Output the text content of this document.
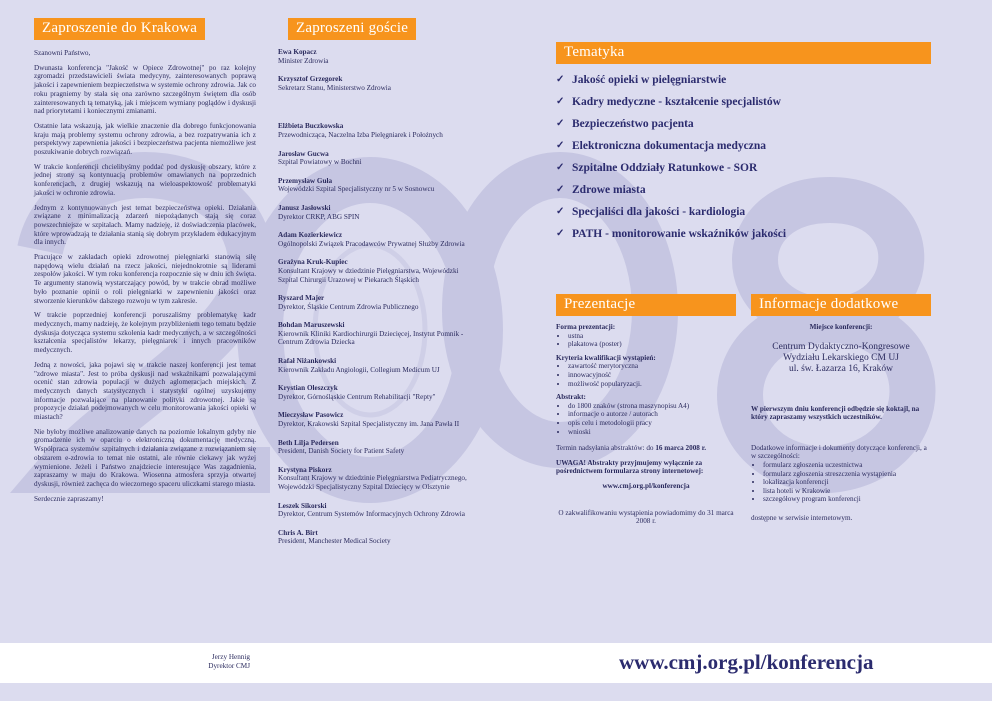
Zaproszenie do Krakowa

Szanowni Państwo,

Dwunasta konferencja "Jakość w Opiece Zdrowotnej" po raz kolejny zgromadzi przedstawicieli świata medycyny, zainteresowanych poprawą jakości i zapewnieniem bezpieczeństwa w systemie ochrony zdrowia. Jak co roku pragniemy by stała się ona zarówno szczególnym świętem dla osób zainteresowanych tą tematyką, jak i miejscem wymiany poglądów i dyskusji nad priorytetami i koniecznymi zmianami.

Ostatnie lata wskazują, jak wielkie znaczenie dla dobrego funkcjonowania kraju mają problemy systemu ochrony zdrowia, a bez rozpatrywania ich z perspektywy zapewnienia jakości i bezpieczeństwa pacjenta niemożliwe jest poszukiwanie dobrych rozwiązań.

W trakcie konferencji chcielibyśmy poddać pod dyskusję obszary, które z jednej strony są kontynuacją problemów omawianych na poprzednich konferencjach, z drugiej wskazują na wieloaspektowość problematyki jakości w ochronie zdrowia.

Jednym z kontynuowanych jest temat bezpieczeństwa opieki. Działania związane z minimalizacją zdarzeń niepożądanych stają się coraz powszechniejsze w szpitalach. Mamy nadzieję, iż doświadczenia placówek, które wprowadzają te działania stanią się dobrym przykładem edukacyjnym dla innych.

Pracujące w zakładach opieki zdrowotnej pielęgniarki stanowią siłę napędową wielu działań na rzecz jakości, niejednokrotnie są liderami zespołów jakości. W tym roku konferencja rozpocznie się w dniu ich święta. Te argumenty stanowią wystarczający powód, by w trakcie obrad możliwe było poznanie opinii o roli pielęgniarki w zapewnieniu jakości oraz stworzenie kierunków dalszego rozwoju w tym zakresie.

W trakcie poprzedniej konferencji poruszaliśmy problematykę kadr medycznych, mamy nadzieję, że kolejnym przybliżeniem tego tematu będzie dyskusja dotycząca systemu szkolenia kadr medycznych, a w szczególności kształcenia specjalistów lekarzy, pielęgniarek i innych pracowników medycznych.

Jedną z nowości, jaka pojawi się w trakcie naszej konferencji jest temat "zdrowe miasta". Jest to próba dyskusji nad wskaźnikami pozwalającymi ocenić stan zdrowia populacji w dużych aglomeracjach miejskich. Z medycznych danych statystycznych i statystyki ogólnej uzyskujemy informacje pozwalające na planowanie polityki zdrowotnej. Jakie są propozycje działań podejmowanych w celu monitorowania jakości opieki w miastach?

Nie byłoby możliwe analizowanie danych na poziomie lokalnym gdyby nie gromadzenie ich w oparciu o elektroniczną dokumentację medyczną. Współpraca systemów szpitalnych i działania związane z rozwiązaniem się obszarem e-zdrowia to temat nie ostatni, ale równie ciekawy jak wyżej wymienione. Jeżeli i Państwo znajdziecie interesujące Was zagadnienia, zapraszamy w maju do Krakowa. Wiosenna atmosfera sprzyja otwartej dyskusji, również zachęca do wieczornego spaceru uliczkami starego miasta.

Serdecznie zapraszamy!

Jerzy Hennig
Dyrektor CMJ
Zaproszeni goście
Ewa Kopacz
Minister Zdrowia
Krzysztof Grzegorek
Sekretarz Stanu, Ministerstwo Zdrowia
Elżbieta Buczkowska
Przewodnicząca, Naczelna Izba Pielęgniarek i Położnych
Jarosław Gucwa
Szpital Powiatowy w Bochni
Przemysław Guła
Wojewódzki Szpital Specjalistyczny nr 5 w Sosnowcu
Janusz Jasłowski
Dyrektor CRKP, ABG SPIN
Adam Kozierkiewicz
Ogólnopolski Związek Pracodawców Prywatnej Służby Zdrowia
Grażyna Kruk-Kupiec
Konsultant Krajowy w dziedzinie Pielęgniarstwa, Wojewódzki Szpital Chirurgii Urazowej w Piekarach Śląskich
Ryszard Majer
Dyrektor, Śląskie Centrum Zdrowia Publicznego
Bohdan Maruszewski
Kierownik Kliniki Kardiochirurgii Dziecięcej, Instytut Pomnik - Centrum Zdrowia Dziecka
Rafał Niżankowski
Kierownik Zakładu Angiologii, Collegium Medicum UJ
Krystian Oleszczyk
Dyrektor, Górnośląskie Centrum Rehabilitacji "Repty"
Mieczysław Pasowicz
Dyrektor, Krakowski Szpital Specjalistyczny im. Jana Pawła II
Beth Lilja Pedersen
President, Danish Society for Patient Safety
Krystyna Piskorz
Konsultant Krajowy w dziedzinie Pielęgniarstwa Pediatrycznego, Wojewódzki Specjalistyczny Szpital Dziecięcy w Olsztynie
Leszek Sikorski
Dyrektor, Centrum Systemów Informacyjnych Ochrony Zdrowia
Chris A. Birt
President, Manchester Medical Society
Tematyka
✓ Jakość opieki w pielęgniarstwie
✓ Kadry medyczne - kształcenie specjalistów
✓ Bezpieczeństwo pacjenta
✓ Elektroniczna dokumentacja medyczna
✓ Szpitalne Oddziały Ratunkowe - SOR
✓ Zdrowe miasta
✓ Specjaliści dla jakości - kardiologia
✓ PATH - monitorowanie wskaźników jakości
Prezentacje
Forma prezentacji:
• ustna
• plakatowa (poster)
Kryteria kwalifikacji wystąpień:
• zawartość merytoryczna
• innowacyjność
• możliwość popularyzacji.
Abstrakt:
• do 1800 znaków (strona maszynopisu A4)
• informacje o autorze / autorach
• opis celu i metodologii pracy
• wnioski
Termin nadsyłania abstraktów: do 16 marca 2008 r.
UWAGA! Abstrakty przyjmujemy wyłącznie za pośrednictwem formularza strony internetowej:
www.cmj.org.pl/konferencja
O zakwalifikowaniu wystąpienia powiadomimy do 31 marca 2008 r.
Informacje dodatkowe
Miejsce konferencji:
Centrum Dydaktyczno-Kongresowe
Wydziału Lekarskiego CM UJ
ul. św. Łazarza 16, Kraków
W pierwszym dniu konferencji odbędzie się koktajl, na który zapraszamy wszystkich uczestników.
Dodatkowe informacje i dokumenty dotyczące konferencji, a w szczególności:
• formularz zgłoszenia uczestnictwa
• formularz zgłoszenia streszczenia wystąpienia
• lokalizacja konferencji
• lista hoteli w Krakowie
• szczegółowy program konferencji
dostępne w serwisie internetowym.
www.cmj.org.pl/konferencja
